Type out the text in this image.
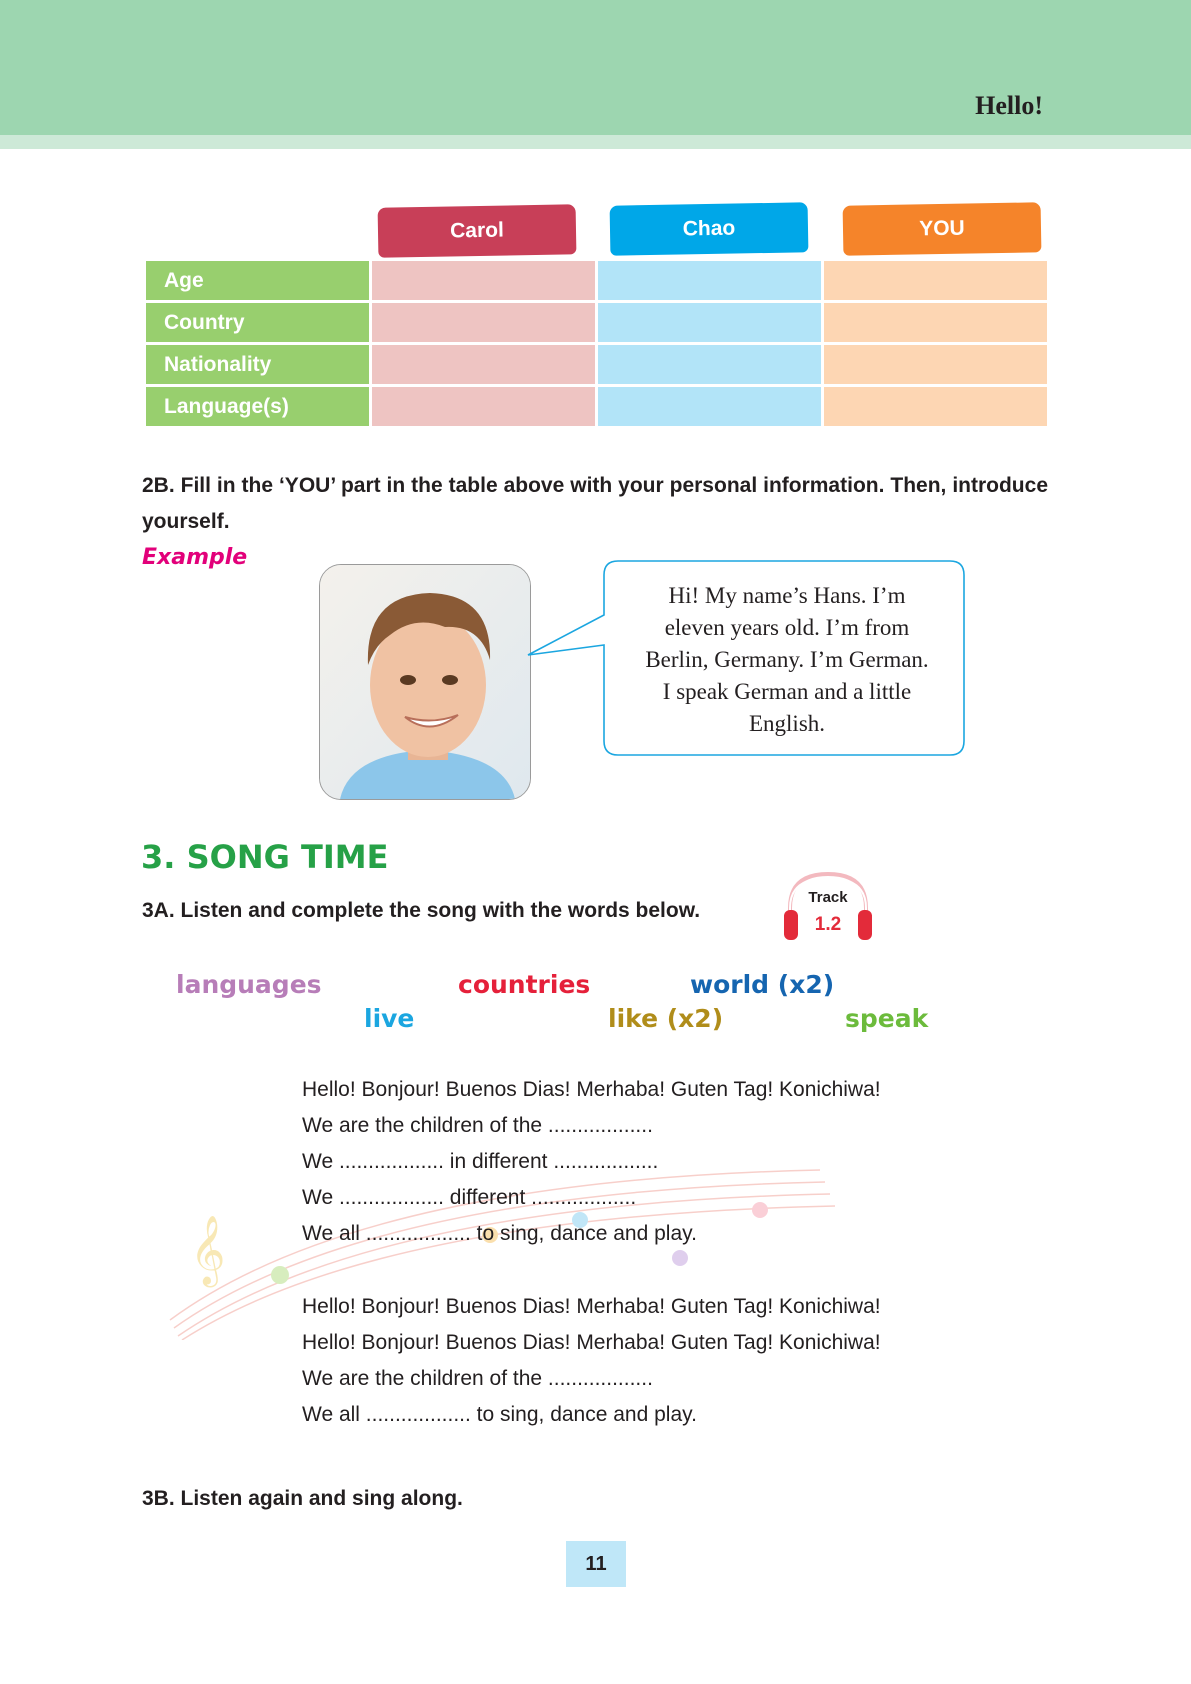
Hello!
Carol	Chao	YOU
Age			
Country			
Nationality			
Language(s)			
2B. Fill in the ‘YOU’ part in the table above with your personal information. Then, introduce yourself.
Example
Hi! My name’s Hans. I’m
eleven years old. I’m from
Berlin, Germany. I’m German.
I speak German and a little
English.
3. SONG TIME
3A. Listen and complete the song with the words below.
Track
1.2
languages	countries	world (x2)
live	like (x2)	speak
𝄞
Hello! Bonjour! Buenos Dias! Merhaba! Guten Tag! Konichiwa!
We are the children of the ..................
We .................. in different ..................
We .................. different ..................
We all .................. to sing, dance and play.
Hello! Bonjour! Buenos Dias! Merhaba! Guten Tag! Konichiwa!
Hello! Bonjour! Buenos Dias! Merhaba! Guten Tag! Konichiwa!
We are the children of the ..................
We all .................. to sing, dance and play.
3B. Listen again and sing along.
11
